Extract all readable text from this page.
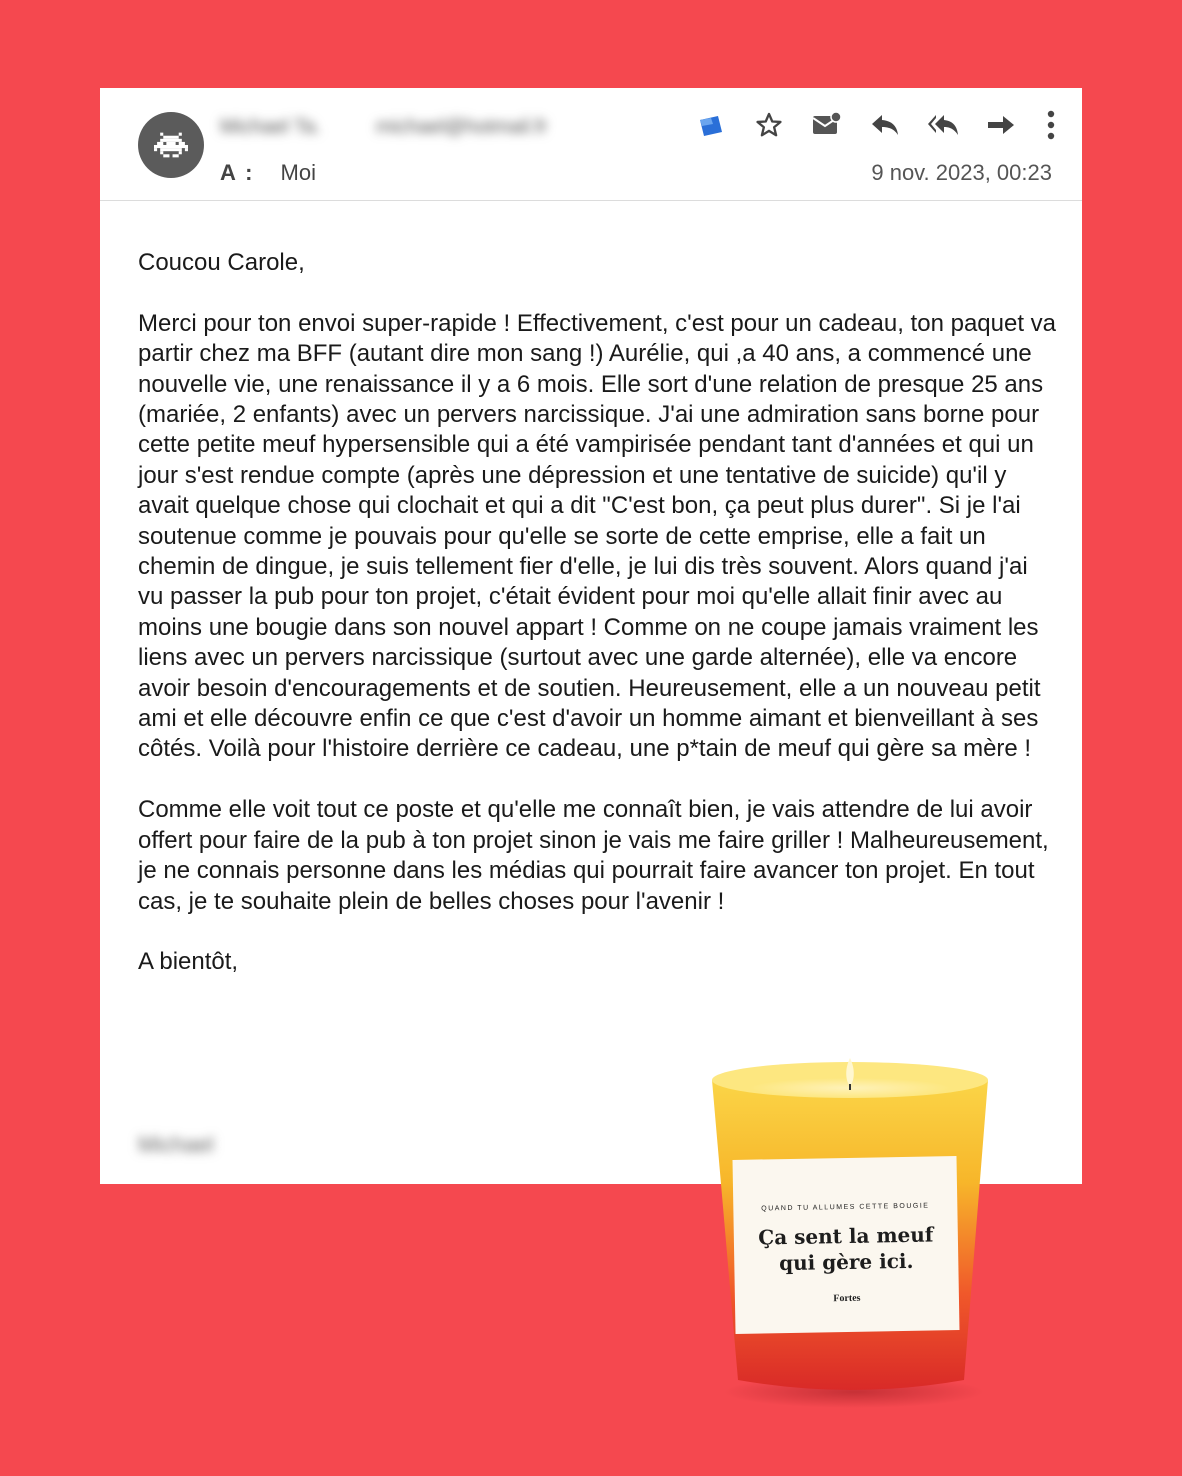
Michael Ta.	michael@hotmail.fr
A : Moi	9 nov. 2023, 00:23

Coucou Carole,

Merci pour ton envoi super-rapide ! Effectivement, c'est pour un cadeau, ton paquet va partir chez ma BFF (autant dire mon sang !) Aurélie, qui ,a 40 ans, a commencé une nouvelle vie, une renaissance il y a 6 mois. Elle sort d'une relation de presque 25 ans (mariée, 2 enfants) avec un pervers narcissique. J'ai une admiration sans borne pour cette petite meuf hypersensible qui a été vampirisée pendant tant d'années et qui un jour s'est rendue compte (après une dépression et une tentative de suicide) qu'il y avait quelque chose qui clochait et qui a dit "C'est bon, ça peut plus durer". Si je l'ai soutenue comme je pouvais pour qu'elle se sorte de cette emprise, elle a fait un chemin de dingue, je suis tellement fier d'elle, je lui dis très souvent. Alors quand j'ai vu passer la pub pour ton projet, c'était évident pour moi qu'elle allait finir avec au moins une bougie dans son nouvel appart ! Comme on ne coupe jamais vraiment les liens avec un pervers narcissique (surtout avec une garde alternée), elle va encore avoir besoin d'encouragements et de soutien. Heureusement, elle a un nouveau petit ami et elle découvre enfin ce que c'est d'avoir un homme aimant et bienveillant à ses côtés. Voilà pour l'histoire derrière ce cadeau, une p*tain de meuf qui gère sa mère !

Comme elle voit tout ce poste et qu'elle me connaît bien, je vais attendre de lui avoir offert pour faire de la pub à ton projet sinon je vais me faire griller ! Malheureusement, je ne connais personne dans les médias qui pourrait faire avancer ton projet. En tout cas, je te souhaite plein de belles choses pour l'avenir !

A bientôt,

Michael
QUAND TU ALLUMES CETTE BOUGIE
Ça sent la meuf
qui gère ici.
Fortes
